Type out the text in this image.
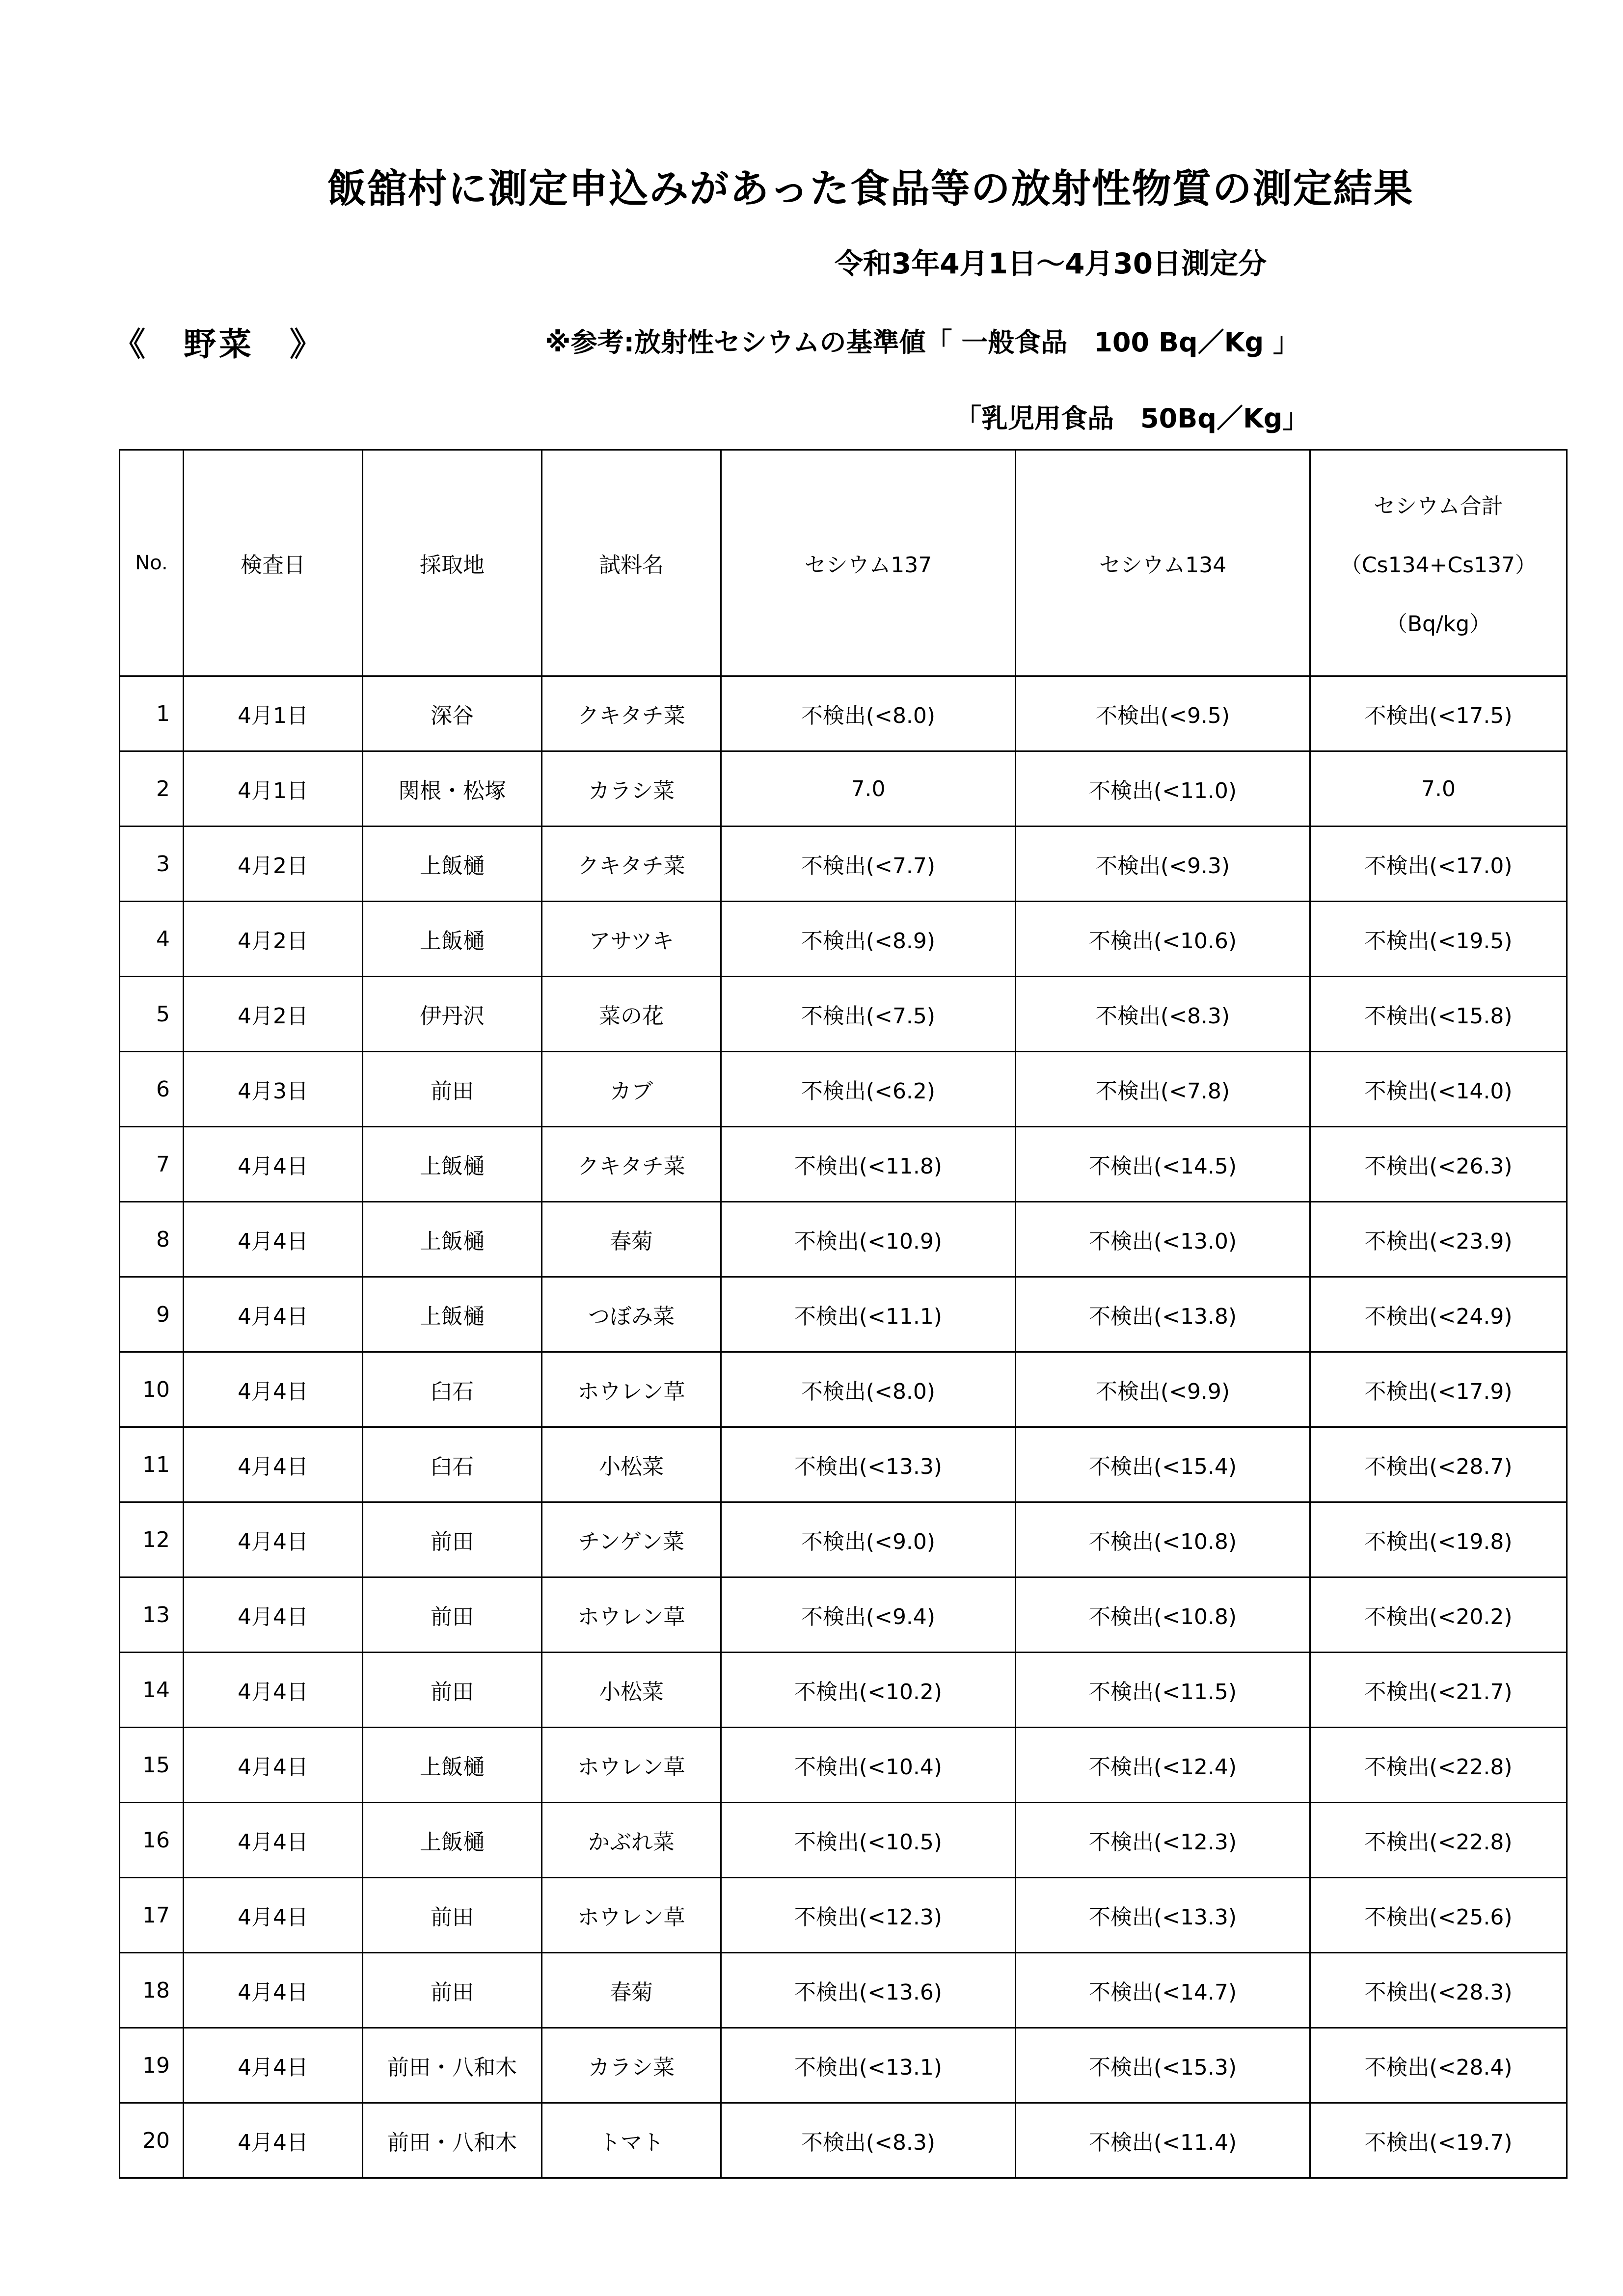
飯舘村に測定申込みがあった食品等の放射性物質の測定結果
令和3年4月1日～4月30日測定分
《　野菜　》	※参考:放射性セシウムの基準値「 一般食品　100 Bq／Kg 」
「乳児用食品　50Bq／Kg」
No.	検査日	採取地	試料名	セシウム137	セシウム134	セシウム合計
（Cs134+Cs137）
（Bq/kg）

1	4月1日	深谷	クキタチ菜	不検出(<8.0)	不検出(<9.5)	不検出(<17.5)
2	4月1日	関根・松塚	カラシ菜	7.0	不検出(<11.0)	7.0
3	4月2日	上飯樋	クキタチ菜	不検出(<7.7)	不検出(<9.3)	不検出(<17.0)
4	4月2日	上飯樋	アサツキ	不検出(<8.9)	不検出(<10.6)	不検出(<19.5)
5	4月2日	伊丹沢	菜の花	不検出(<7.5)	不検出(<8.3)	不検出(<15.8)
6	4月3日	前田	カブ	不検出(<6.2)	不検出(<7.8)	不検出(<14.0)
7	4月4日	上飯樋	クキタチ菜	不検出(<11.8)	不検出(<14.5)	不検出(<26.3)
8	4月4日	上飯樋	春菊	不検出(<10.9)	不検出(<13.0)	不検出(<23.9)
9	4月4日	上飯樋	つぼみ菜	不検出(<11.1)	不検出(<13.8)	不検出(<24.9)
10	4月4日	臼石	ホウレン草	不検出(<8.0)	不検出(<9.9)	不検出(<17.9)
11	4月4日	臼石	小松菜	不検出(<13.3)	不検出(<15.4)	不検出(<28.7)
12	4月4日	前田	チンゲン菜	不検出(<9.0)	不検出(<10.8)	不検出(<19.8)
13	4月4日	前田	ホウレン草	不検出(<9.4)	不検出(<10.8)	不検出(<20.2)
14	4月4日	前田	小松菜	不検出(<10.2)	不検出(<11.5)	不検出(<21.7)
15	4月4日	上飯樋	ホウレン草	不検出(<10.4)	不検出(<12.4)	不検出(<22.8)
16	4月4日	上飯樋	かぶれ菜	不検出(<10.5)	不検出(<12.3)	不検出(<22.8)
17	4月4日	前田	ホウレン草	不検出(<12.3)	不検出(<13.3)	不検出(<25.6)
18	4月4日	前田	春菊	不検出(<13.6)	不検出(<14.7)	不検出(<28.3)
19	4月4日	前田・八和木	カラシ菜	不検出(<13.1)	不検出(<15.3)	不検出(<28.4)
20	4月4日	前田・八和木	トマト	不検出(<8.3)	不検出(<11.4)	不検出(<19.7)
